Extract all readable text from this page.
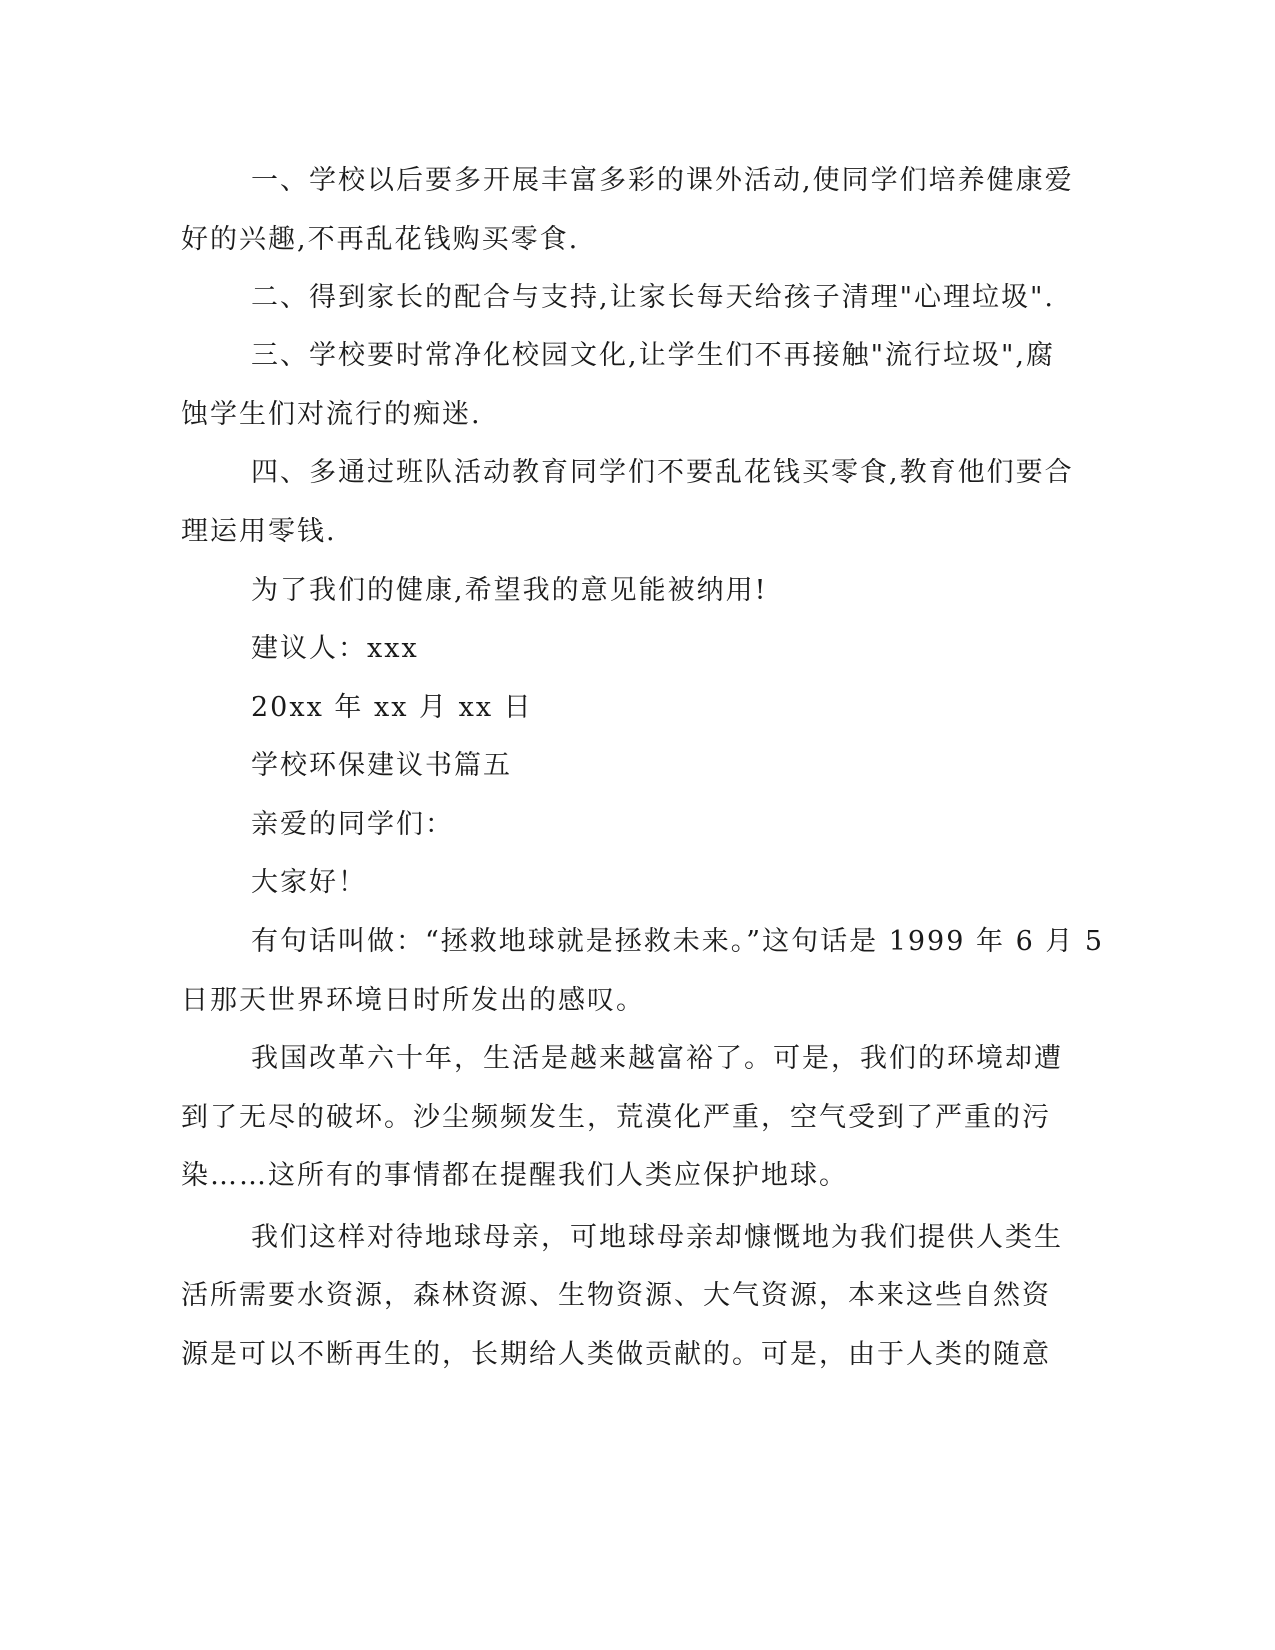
一、学校以后要多开展丰富多彩的课外活动,使同学们培养健康爱
好的兴趣,不再乱花钱购买零食.
二、得到家长的配合与支持,让家长每天给孩子清理"心理垃圾".
三、学校要时常净化校园文化,让学生们不再接触"流行垃圾",腐
蚀学生们对流行的痴迷.
四、多通过班队活动教育同学们不要乱花钱买零食,教育他们要合
理运用零钱.
为了我们的健康,希望我的意见能被纳用!
建议人：xxx
20xx 年 xx 月 xx 日
学校环保建议书篇五
亲爱的同学们：
大家好！
有句话叫做：“拯救地球就是拯救未来。”这句话是 1999 年 6 月 5
日那天世界环境日时所发出的感叹。
我国改革六十年，生活是越来越富裕了。可是，我们的环境却遭
到了无尽的破坏。沙尘频频发生，荒漠化严重，空气受到了严重的污
染……这所有的事情都在提醒我们人类应保护地球。
我们这样对待地球母亲，可地球母亲却慷慨地为我们提供人类生
活所需要水资源，森林资源、生物资源、大气资源，本来这些自然资
源是可以不断再生的，长期给人类做贡献的。可是，由于人类的随意
